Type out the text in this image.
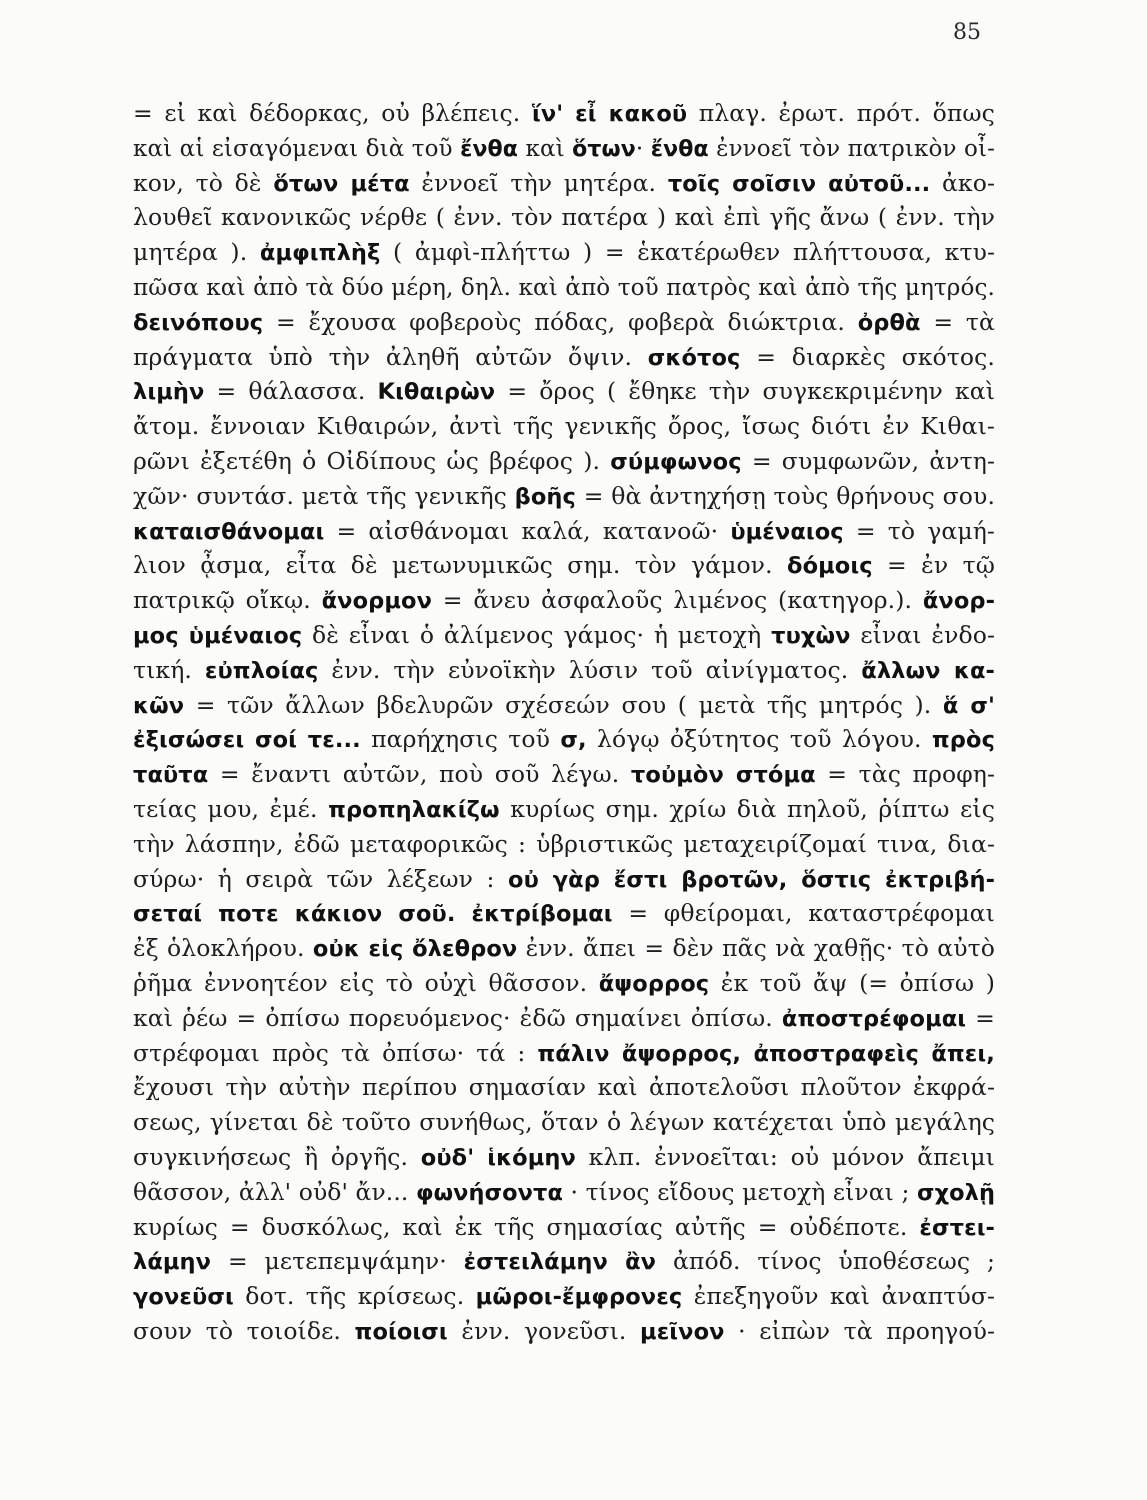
85
= εἰ καὶ δέδορκας, οὐ βλέπεις. ἵν' εἶ κακοῦ πλαγ. ἐρωτ. πρότ. ὅπως
καὶ αἱ εἰσαγόμεναι διὰ τοῦ ἔνθα καὶ ὅτων· ἔνθα ἐννοεῖ τὸν πατρικὸν οἶ-
κον, τὸ δὲ ὅτων μέτα ἐννοεῖ τὴν μητέρα. τοῖς σοῖσιν αὐτοῦ... ἀκο-
λουθεῖ κανονικῶς νέρθε ( ἐνν. τὸν πατέρα ) καὶ ἐπὶ γῆς ἄνω ( ἐνν. τὴν
μητέρα ). ἀμφιπλὴξ ( ἀμφὶ-πλήττω ) = ἑκατέρωθεν πλήττουσα, κτυ-
πῶσα καὶ ἀπὸ τὰ δύο μέρη, δηλ. καὶ ἀπὸ τοῦ πατρὸς καὶ ἀπὸ τῆς μητρός.
δεινόπους = ἔχουσα φοβεροὺς πόδας, φοβερὰ διώκτρια. ὀρθὰ = τὰ
πράγματα ὑπὸ τὴν ἀληθῆ αὐτῶν ὄψιν. σκότος = διαρκὲς σκότος.
λιμὴν = θάλασσα. Κιθαιρὼν = ὄρος ( ἔθηκε τὴν συγκεκριμένην καὶ
ἄτομ. ἔννοιαν Κιθαιρών, ἀντὶ τῆς γενικῆς ὄρος, ἴσως διότι ἐν Κιθαι-
ρῶνι ἐξετέθη ὁ Οἰδίπους ὡς βρέφος ). σύμφωνος = συμφωνῶν, ἀντη-
χῶν· συντάσ. μετὰ τῆς γενικῆς βοῆς = θὰ ἀντηχήσῃ τοὺς θρήνους σου.
καταισθάνομαι = αἰσθάνομαι καλά, κατανοῶ· ὑμέναιος = τὸ γαμή-
λιον ᾆσμα, εἶτα δὲ μετωνυμικῶς σημ. τὸν γάμον. δόμοις = ἐν τῷ
πατρικῷ οἴκῳ. ἄνορμον = ἄνευ ἀσφαλοῦς λιμένος (κατηγορ.). ἄνορ-
μος ὑμέναιος δὲ εἶναι ὁ ἀλίμενος γάμος· ἡ μετοχὴ τυχὼν εἶναι ἐνδο-
τική. εὐπλοίας ἐνν. τὴν εὐνοϊκὴν λύσιν τοῦ αἰνίγματος. ἄλλων κα-
κῶν = τῶν ἄλλων βδελυρῶν σχέσεών σου ( μετὰ τῆς μητρός ). ἅ σ'
ἐξισώσει σοί τε... παρήχησις τοῦ σ, λόγῳ ὀξύτητος τοῦ λόγου. πρὸς
ταῦτα = ἔναντι αὐτῶν, ποὺ σοῦ λέγω. τοὐμὸν στόμα = τὰς προφη-
τείας μου, ἐμέ. προπηλακίζω κυρίως σημ. χρίω διὰ πηλοῦ, ῥίπτω εἰς
τὴν λάσπην, ἐδῶ μεταφορικῶς : ὑβριστικῶς μεταχειρίζομαί τινα, δια-
σύρω· ἡ σειρὰ τῶν λέξεων : οὐ γὰρ ἔστι βροτῶν, ὅστις ἐκτριβή-
σεταί ποτε κάκιον σοῦ. ἐκτρίβομαι = φθείρομαι, καταστρέφομαι
ἐξ ὁλοκλήρου. οὐκ εἰς ὄλεθρον ἐνν. ἄπει = δὲν πᾶς νὰ χαθῇς· τὸ αὐτὸ
ῥῆμα ἐννοητέον εἰς τὸ οὐχὶ θᾶσσον. ἄψορρος ἐκ τοῦ ἄψ (= ὀπίσω )
καὶ ῥέω = ὀπίσω πορευόμενος· ἐδῶ σημαίνει ὀπίσω. ἀποστρέφομαι =
στρέφομαι πρὸς τὰ ὀπίσω· τά : πάλιν ἄψορρος, ἀποστραφεὶς ἄπει,
ἔχουσι τὴν αὐτὴν περίπου σημασίαν καὶ ἀποτελοῦσι πλοῦτον ἐκφρά-
σεως, γίνεται δὲ τοῦτο συνήθως, ὅταν ὁ λέγων κατέχεται ὑπὸ μεγάλης
συγκινήσεως ἢ ὀργῆς. οὐδ' ἱκόμην κλπ. ἐννοεῖται: οὐ μόνον ἄπειμι
θᾶσσον, ἀλλ' οὐδ' ἄν... φωνήσοντα · τίνος εἴδους μετοχὴ εἶναι ; σχολῇ
κυρίως = δυσκόλως, καὶ ἐκ τῆς σημασίας αὐτῆς = οὐδέποτε. ἐστει-
λάμην = μετεπεμψάμην· ἐστειλάμην ἂν ἀπόδ. τίνος ὑποθέσεως ;
γονεῦσι δοτ. τῆς κρίσεως. μῶροι-ἔμφρονες ἐπεξηγοῦν καὶ ἀναπτύσ-
σουν τὸ τοιοίδε. ποίοισι ἐνν. γονεῦσι. μεῖνον · εἰπὼν τὰ προηγού-
